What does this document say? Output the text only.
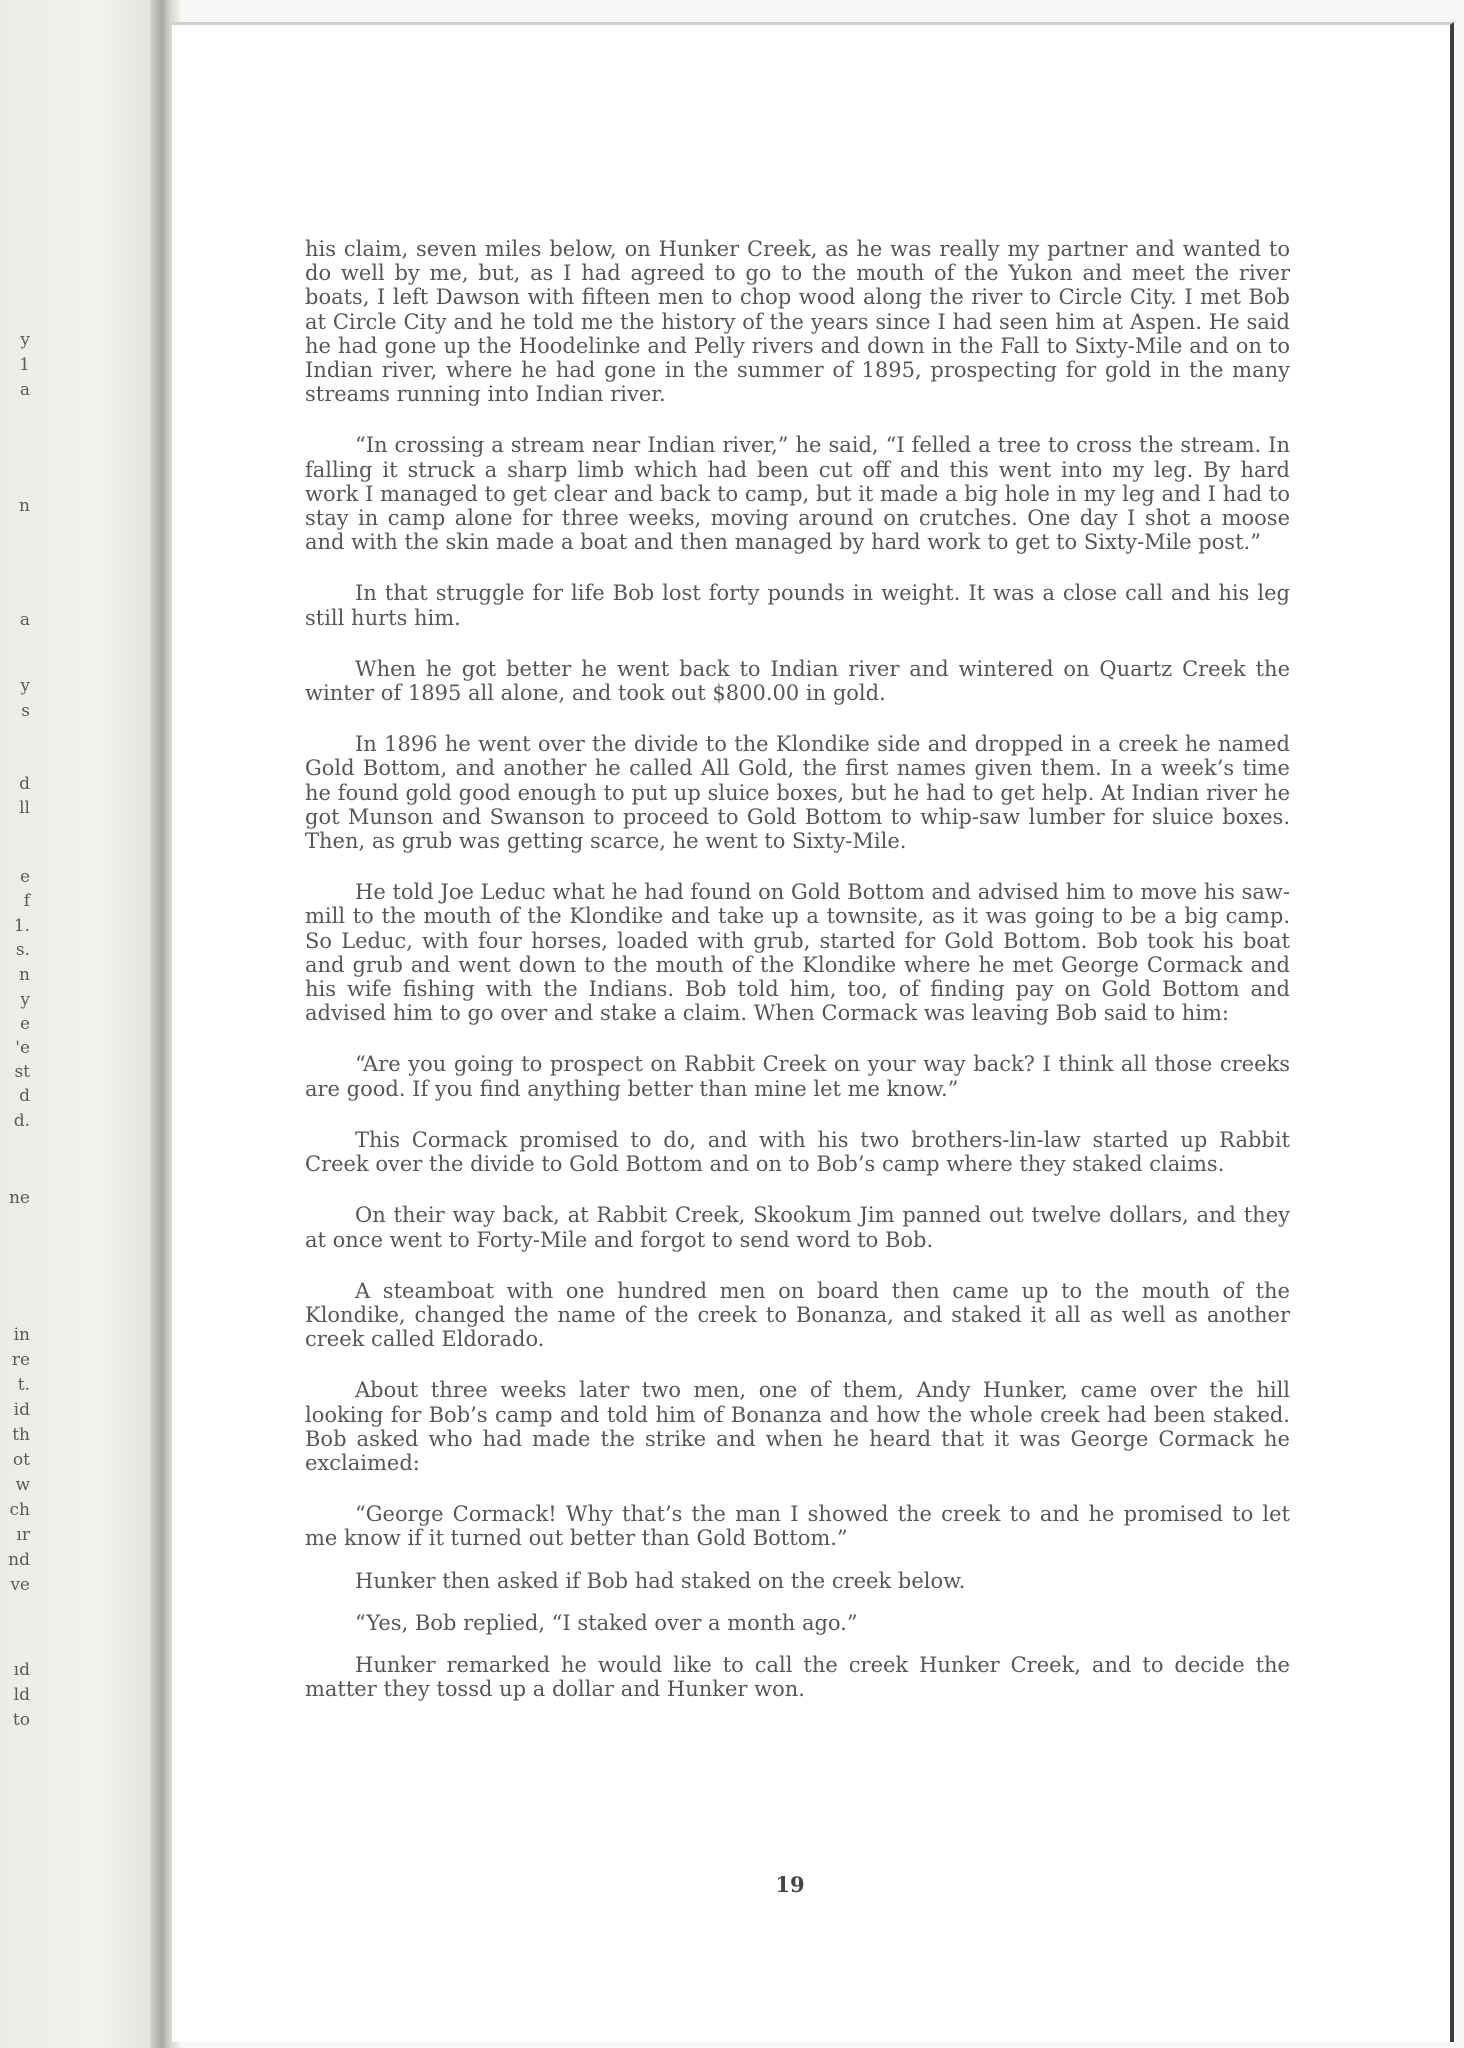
y
1
a
n
a
y
s
d
ll
e
f
1.
s.
n
y
e
'e
st
d
d.
ne
in
re
t.
id
th
ot
w
ch
ır
nd
ve
ıd
ld
to

his claim, seven miles below, on Hunker Creek, as he was really my partner and wanted to do well by me, but, as I had agreed to go to the mouth of the Yukon and meet the river boats, I left Dawson with fifteen men to chop wood along the river to Circle City. I met Bob at Circle City and he told me the history of the years since I had seen him at Aspen. He said he had gone up the Hoodelinke and Pelly rivers and down in the Fall to Sixty-Mile and on to Indian river, where he had gone in the summer of 1895, prospecting for gold in the many streams running into Indian river.

“In crossing a stream near Indian river,” he said, “I felled a tree to cross the stream. In falling it struck a sharp limb which had been cut off and this went into my leg. By hard work I managed to get clear and back to camp, but it made a big hole in my leg and I had to stay in camp alone for three weeks, moving around on crutches. One day I shot a moose and with the skin made a boat and then managed by hard work to get to Sixty-Mile post.”

In that struggle for life Bob lost forty pounds in weight. It was a close call and his leg still hurts him.

When he got better he went back to Indian river and wintered on Quartz Creek the winter of 1895 all alone, and took out $800.00 in gold.

In 1896 he went over the divide to the Klondike side and dropped in a creek he named Gold Bottom, and another he called All Gold, the first names given them. In a week’s time he found gold good enough to put up sluice boxes, but he had to get help. At Indian river he got Munson and Swanson to proceed to Gold Bottom to whip-saw lumber for sluice boxes. Then, as grub was getting scarce, he went to Sixty-Mile.

He told Joe Leduc what he had found on Gold Bottom and advised him to move his saw-mill to the mouth of the Klondike and take up a townsite, as it was going to be a big camp. So Leduc, with four horses, loaded with grub, started for Gold Bottom. Bob took his boat and grub and went down to the mouth of the Klondike where he met George Cormack and his wife fishing with the Indians. Bob told him, too, of finding pay on Gold Bottom and advised him to go over and stake a claim. When Cormack was leaving Bob said to him:

“Are you going to prospect on Rabbit Creek on your way back? I think all those creeks are good. If you find anything better than mine let me know.”

This Cormack promised to do, and with his two brothers-lin-law started up Rabbit Creek over the divide to Gold Bottom and on to Bob’s camp where they staked claims.

On their way back, at Rabbit Creek, Skookum Jim panned out twelve dollars, and they at once went to Forty-Mile and forgot to send word to Bob.

A steamboat with one hundred men on board then came up to the mouth of the Klondike, changed the name of the creek to Bonanza, and staked it all as well as another creek called Eldorado.

About three weeks later two men, one of them, Andy Hunker, came over the hill looking for Bob’s camp and told him of Bonanza and how the whole creek had been staked. Bob asked who had made the strike and when he heard that it was George Cormack he exclaimed:

“George Cormack! Why that’s the man I showed the creek to and he promised to let me know if it turned out better than Gold Bottom.”

Hunker then asked if Bob had staked on the creek below.

“Yes, Bob replied, “I staked over a month ago.”

Hunker remarked he would like to call the creek Hunker Creek, and to decide the matter they tossd up a dollar and Hunker won.

19
